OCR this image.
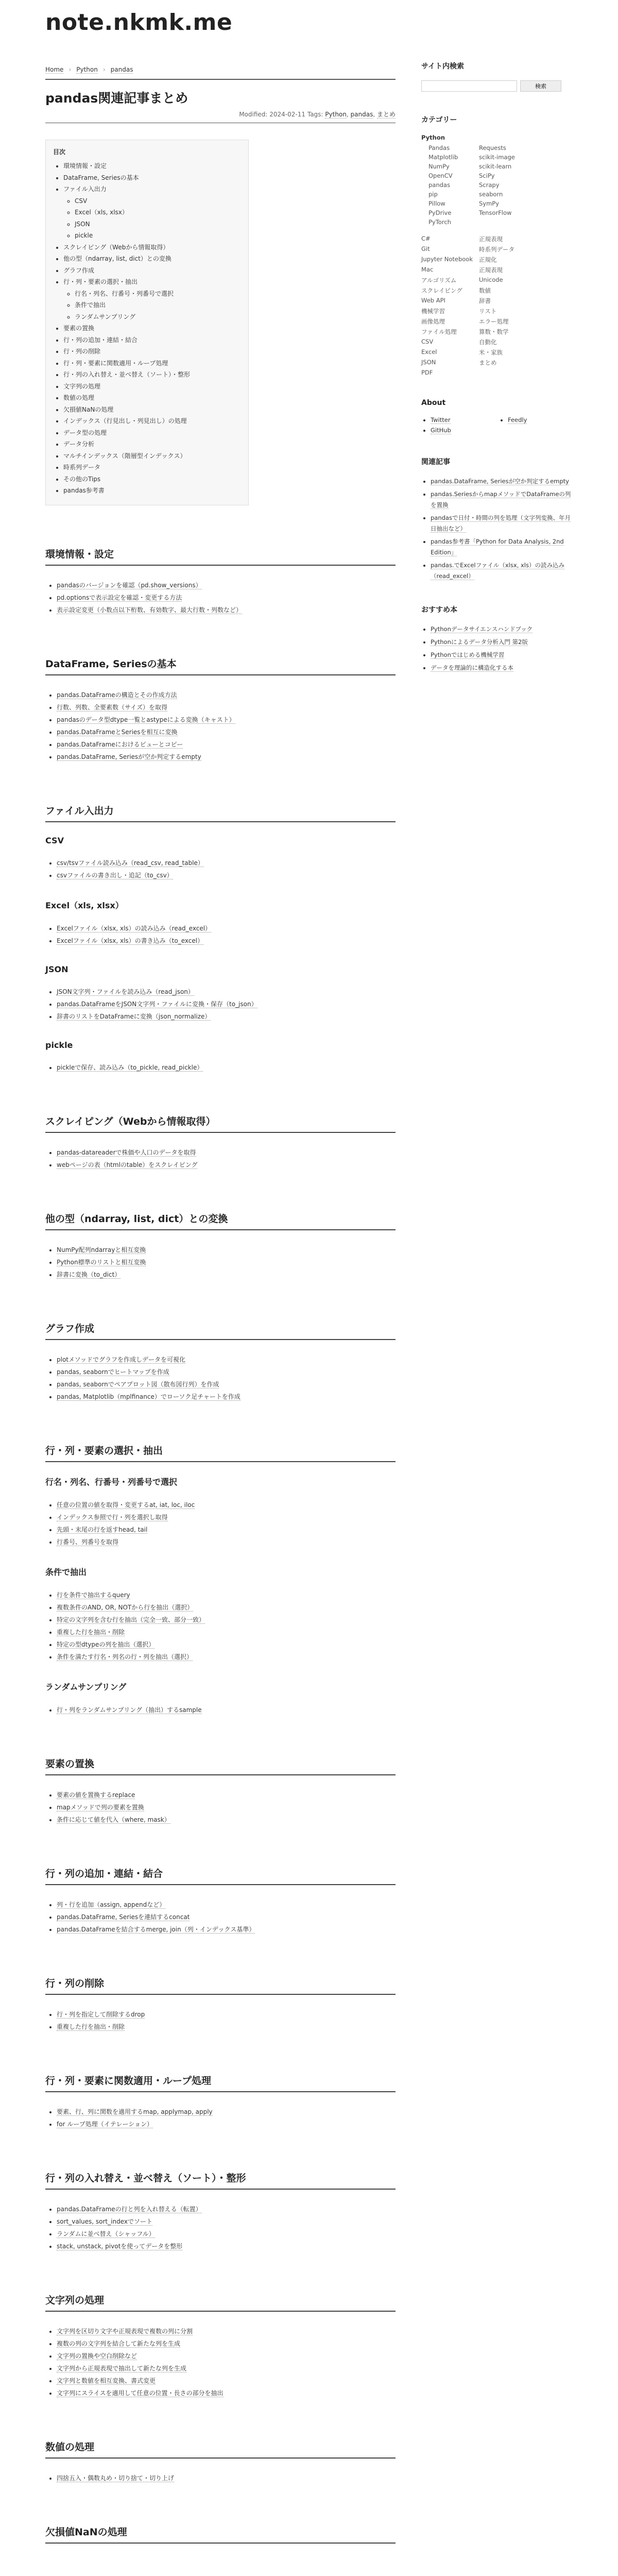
note.nkmk.me
Home › Python › pandas
pandas関連記事まとめ
Modified: 2024-02-11 Tags: Python, pandas, まとめ
目次
• 環境情報・設定
• DataFrame, Seriesの基本
• ファイル入出力
◦ CSV
◦ Excel（xls, xlsx）
◦ JSON
◦ pickle
• スクレイピング（Webから情報取得）
• 他の型（ndarray, list, dict）との変換
• グラフ作成
• 行・列・要素の選択・抽出
◦ 行名・列名、行番号・列番号で選択
◦ 条件で抽出
◦ ランダムサンプリング
• 要素の置換
• 行・列の追加・連結・結合
• 行・列の削除
• 行・列・要素に関数適用・ループ処理
• 行・列の入れ替え・並べ替え（ソート）・整形
• 文字列の処理
• 数値の処理
• 欠損値NaNの処理
• インデックス（行見出し・列見出し）の処理
• データ型の処理
• データ分析
• マルチインデックス（階層型インデックス）
• 時系列データ
• その他のTips
• pandas参考書
環境情報・設定
• pandasのバージョンを確認（pd.show_versions）
• pd.optionsで表示設定を確認・変更する方法
• 表示設定変更（小数点以下桁数、有効数字、最大行数・列数など）
DataFrame, Seriesの基本
• pandas.DataFrameの構造とその作成方法
• 行数、列数、全要素数（サイズ）を取得
• pandasのデータ型dtype一覧とastypeによる変換（キャスト）
• pandas.DataFrameとSeriesを相互に変換
• pandas.DataFrameにおけるビューとコピー
• pandas.DataFrame, Seriesが空か判定するempty
ファイル入出力
CSV
• csv/tsvファイル読み込み（read_csv, read_table）
• csvファイルの書き出し・追記（to_csv）
Excel（xls, xlsx）
• Excelファイル（xlsx, xls）の読み込み（read_excel）
• Excelファイル（xlsx, xls）の書き込み（to_excel）
JSON
• JSON文字列・ファイルを読み込み（read_json）
• pandas.DataFrameをJSON文字列・ファイルに変換・保存（to_json）
• 辞書のリストをDataFrameに変換（json_normalize）
pickle
• pickleで保存、読み込み（to_pickle, read_pickle）
スクレイピング（Webから情報取得）
• pandas-datareaderで株価や人口のデータを取得
• webページの表（htmlのtable）をスクレイピング
他の型（ndarray, list, dict）との変換
• NumPy配列ndarrayと相互変換
• Python標準のリストと相互変換
• 辞書に変換（to_dict）
グラフ作成
• plotメソッドでグラフを作成しデータを可視化
• pandas, seabornでヒートマップを作成
• pandas, seabornでペアプロット図（散布図行列）を作成
• pandas, Matplotlib（mplfinance）でローソク足チャートを作成
行・列・要素の選択・抽出
行名・列名、行番号・列番号で選択
• 任意の位置の値を取得・変更するat, iat, loc, iloc
• インデックス参照で行・列を選択し取得
• 先頭・末尾の行を返すhead, tail
• 行番号、列番号を取得
条件で抽出
• 行を条件で抽出するquery
• 複数条件のAND, OR, NOTから行を抽出（選択）
• 特定の文字列を含む行を抽出（完全一致、部分一致）
• 重複した行を抽出・削除
• 特定の型dtypeの列を抽出（選択）
• 条件を満たす行名・列名の行・列を抽出（選択）
ランダムサンプリング
• 行・列をランダムサンプリング（抽出）するsample
要素の置換
• 要素の値を置換するreplace
• mapメソッドで列の要素を置換
• 条件に応じて値を代入（where, mask）
行・列の追加・連結・結合
• 列・行を追加（assign, appendなど）
• pandas.DataFrame, Seriesを連結するconcat
• pandas.DataFrameを結合するmerge, join（列・インデックス基準）
行・列の削除
• 行・列を指定して削除するdrop
• 重複した行を抽出・削除
行・列・要素に関数適用・ループ処理
• 要素、行、列に関数を適用するmap, applymap, apply
• for ループ処理（イテレーション）
行・列の入れ替え・並べ替え（ソート）・整形
• pandas.DataFrameの行と列を入れ替える（転置）
• sort_values, sort_indexでソート
• ランダムに並べ替え（シャッフル）
• stack, unstack, pivotを使ってデータを整形
文字列の処理
• 文字列を区切り文字や正規表現で複数の列に分割
• 複数の列の文字列を結合して新たな列を生成
• 文字列の置換や空白削除など
• 文字列から正規表現で抽出して新たな列を生成
• 文字列と数値を相互変換、書式変更
• 文字列にスライスを適用して任意の位置・長さの部分を抽出
数値の処理
• 四捨五入・偶数丸め・切り捨て・切り上げ
欠損値NaNの処理
サイト内検索
検索
カテゴリー
Python
Pandas	Requests
Matplotlib	scikit-image
NumPy	scikit-learn
OpenCV	SciPy
pandas	Scrapy
pip	seaborn
Pillow	SymPy
PyDrive	TensorFlow
PyTorch
C#	正規表現
Git	時系列データ
Jupyter Notebook	正規化
Mac	正規表現
アルゴリズム	Unicode
スクレイピング	数値
Web API	辞書
機械学習	リスト
画像処理	エラー処理
ファイル処理	算数・数学
CSV	自動化
Excel	米・家族
JSON	まとめ
PDF
About
• Twitter
•	Feedly
• GitHub
関連記事
• pandas.DataFrame, Seriesが空か判定するempty
• pandas.SeriesからmapメソッドでDataFrameの列を置換
• pandasで日付・時間の列を処理（文字列変換、年月日抽出など）
• pandas参考書「Python for Data Analysis, 2nd Edition」
• pandas.でExcelファイル（xlsx, xls）の読み込み（read_excel）
おすすめ本
• Pythonデータサイエンスハンドブック
• Pythonによるデータ分析入門 第2版
• Pythonではじめる機械学習
• データを理論的に構造化する本
